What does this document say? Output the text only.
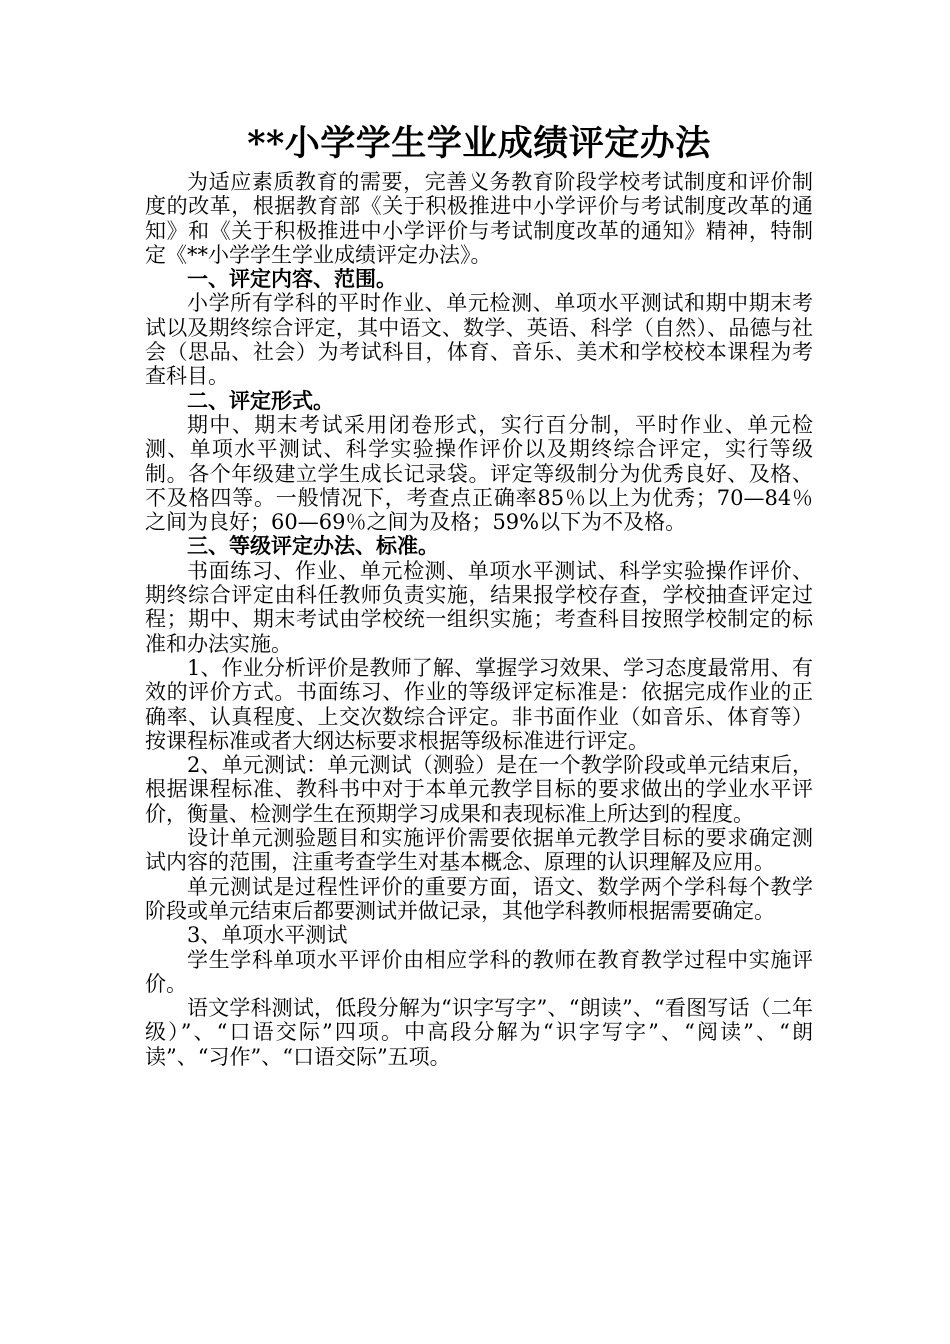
**小学学生学业成绩评定办法

为适应素质教育的需要，完善义务教育阶段学校考试制度和评价制度的改革，根据教育部《关于积极推进中小学评价与考试制度改革的通知》和《关于积极推进中小学评价与考试制度改革的通知》精神，特制定《**小学学生学业成绩评定办法》。

一、评定内容、范围。

小学所有学科的平时作业、单元检测、单项水平测试和期中期末考试以及期终综合评定，其中语文、数学、英语、科学（自然）、品德与社会（思品、社会）为考试科目，体育、音乐、美术和学校校本课程为考查科目。

二、评定形式。

期中、期末考试采用闭卷形式，实行百分制，平时作业、单元检测、单项水平测试、科学实验操作评价以及期终综合评定，实行等级制。各个年级建立学生成长记录袋。评定等级制分为优秀良好、及格、不及格四等。一般情况下，考查点正确率85％以上为优秀；70—84％之间为良好；60—69％之间为及格；59%以下为不及格。

三、等级评定办法、标准。

书面练习、作业、单元检测、单项水平测试、科学实验操作评价、期终综合评定由科任教师负责实施，结果报学校存查，学校抽查评定过程；期中、期末考试由学校统一组织实施；考查科目按照学校制定的标准和办法实施。

1、作业分析评价是教师了解、掌握学习效果、学习态度最常用、有效的评价方式。书面练习、作业的等级评定标准是：依据完成作业的正确率、认真程度、上交次数综合评定。非书面作业（如音乐、体育等）按课程标准或者大纲达标要求根据等级标准进行评定。

2、单元测试：单元测试（测验）是在一个教学阶段或单元结束后，根据课程标准、教科书中对于本单元教学目标的要求做出的学业水平评价，衡量、检测学生在预期学习成果和表现标准上所达到的程度。

设计单元测验题目和实施评价需要依据单元教学目标的要求确定测试内容的范围，注重考查学生对基本概念、原理的认识理解及应用。

单元测试是过程性评价的重要方面，语文、数学两个学科每个教学阶段或单元结束后都要测试并做记录，其他学科教师根据需要确定。

3、单项水平测试

学生学科单项水平评价由相应学科的教师在教育教学过程中实施评价。

语文学科测试，低段分解为“识字写字”、“朗读”、“看图写话（二年级）”、“口语交际”四项。中高段分解为“识字写字”、“阅读”、“朗读”、“习作”、“口语交际”五项。
